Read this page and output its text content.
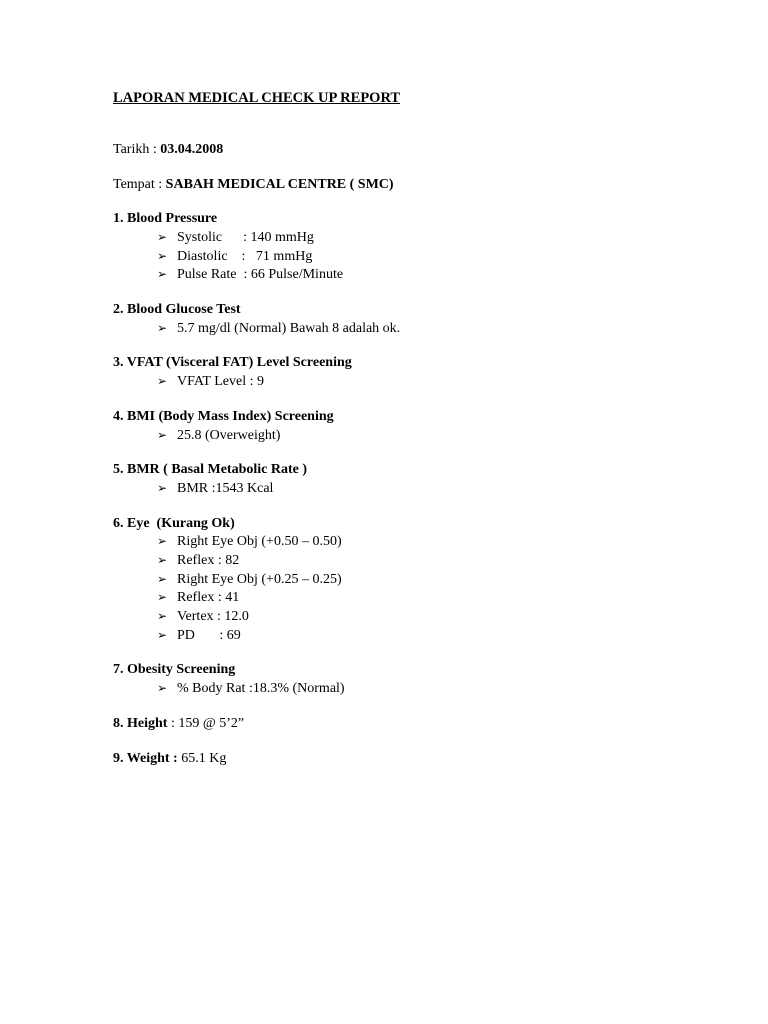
LAPORAN MEDICAL CHECK UP REPORT
Tarikh : 03.04.2008
Tempat : SABAH MEDICAL CENTRE ( SMC)
1. Blood Pressure
➢ Systolic      : 140 mmHg
➢ Diastolic    :   71 mmHg
➢ Pulse Rate  : 66 Pulse/Minute
2. Blood Glucose Test
➢ 5.7 mg/dl (Normal) Bawah 8 adalah ok.
3. VFAT (Visceral FAT) Level Screening
➢ VFAT Level : 9
4. BMI (Body Mass Index) Screening
➢ 25.8 (Overweight)
5. BMR ( Basal Metabolic Rate )
➢ BMR :1543 Kcal
6. Eye  (Kurang Ok)
➢ Right Eye Obj (+0.50 – 0.50)
➢ Reflex : 82
➢ Right Eye Obj (+0.25 – 0.25)
➢ Reflex : 41
➢ Vertex : 12.0
➢ PD       : 69
7. Obesity Screening
➢ % Body Rat :18.3% (Normal)
8. Height : 159 @ 5’2”
9. Weight : 65.1 Kg
